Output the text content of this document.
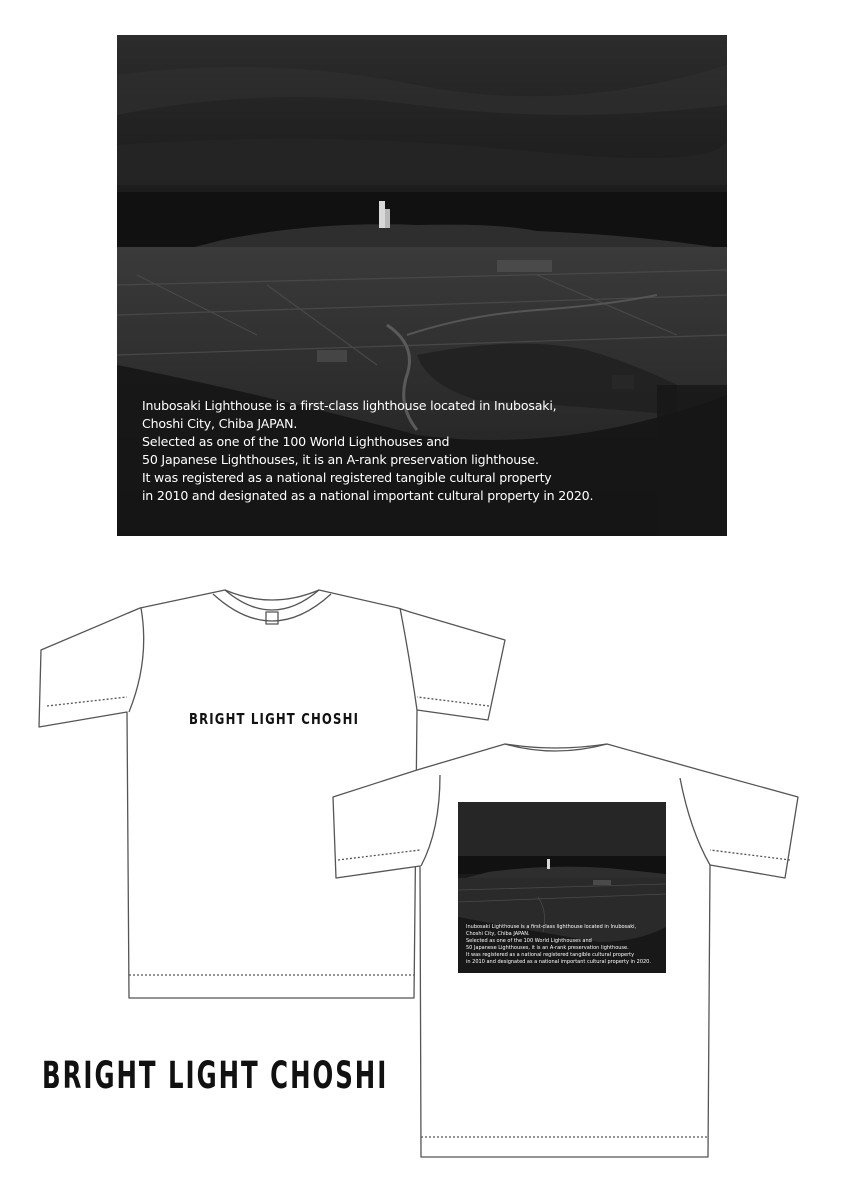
Inubosaki Lighthouse is a first-class lighthouse located in Inubosaki,
Choshi City, Chiba JAPAN.
Selected as one of the 100 World Lighthouses and
50 Japanese Lighthouses, it is an A-rank preservation lighthouse.
It was registered as a national registered tangible cultural property
in 2010 and designated as a national important cultural property in 2020.

BRIGHT LIGHT CHOSHI

Inubosaki Lighthouse is a first-class lighthouse located in Inubosaki,
Choshi City, Chiba JAPAN.
Selected as one of the 100 World Lighthouses and
50 Japanese Lighthouses, it is an A-rank preservation lighthouse.
It was registered as a national registered tangible cultural property
in 2010 and designated as a national important cultural property in 2020.

BRIGHT LIGHT CHOSHI
